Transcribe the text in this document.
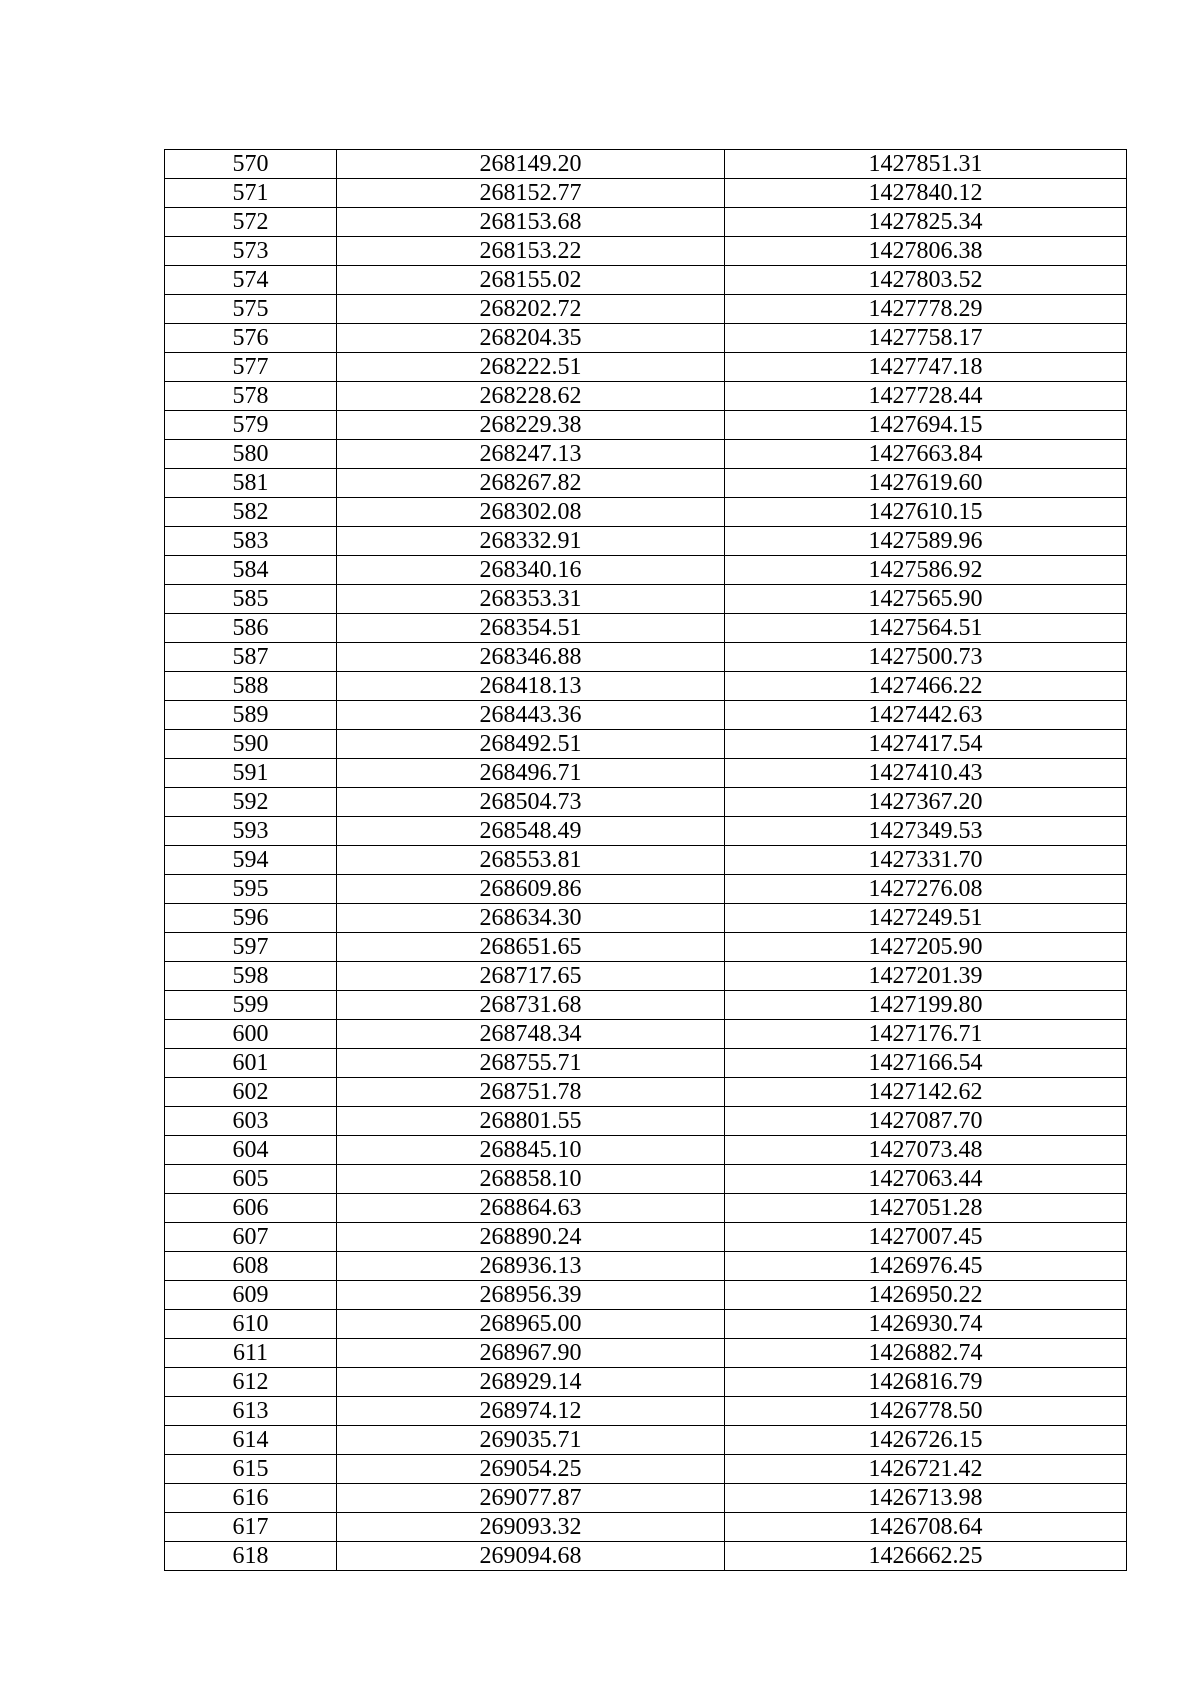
570	268149.20	1427851.31
571	268152.77	1427840.12
572	268153.68	1427825.34
573	268153.22	1427806.38
574	268155.02	1427803.52
575	268202.72	1427778.29
576	268204.35	1427758.17
577	268222.51	1427747.18
578	268228.62	1427728.44
579	268229.38	1427694.15
580	268247.13	1427663.84
581	268267.82	1427619.60
582	268302.08	1427610.15
583	268332.91	1427589.96
584	268340.16	1427586.92
585	268353.31	1427565.90
586	268354.51	1427564.51
587	268346.88	1427500.73
588	268418.13	1427466.22
589	268443.36	1427442.63
590	268492.51	1427417.54
591	268496.71	1427410.43
592	268504.73	1427367.20
593	268548.49	1427349.53
594	268553.81	1427331.70
595	268609.86	1427276.08
596	268634.30	1427249.51
597	268651.65	1427205.90
598	268717.65	1427201.39
599	268731.68	1427199.80
600	268748.34	1427176.71
601	268755.71	1427166.54
602	268751.78	1427142.62
603	268801.55	1427087.70
604	268845.10	1427073.48
605	268858.10	1427063.44
606	268864.63	1427051.28
607	268890.24	1427007.45
608	268936.13	1426976.45
609	268956.39	1426950.22
610	268965.00	1426930.74
611	268967.90	1426882.74
612	268929.14	1426816.79
613	268974.12	1426778.50
614	269035.71	1426726.15
615	269054.25	1426721.42
616	269077.87	1426713.98
617	269093.32	1426708.64
618	269094.68	1426662.25
